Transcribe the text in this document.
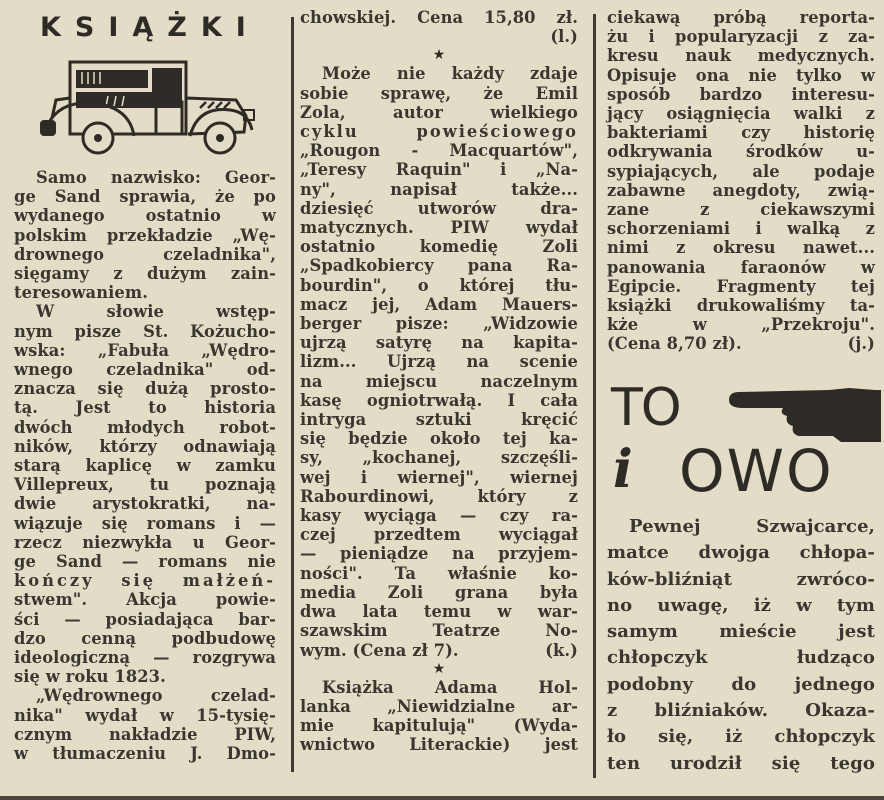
KSIĄŻKI

Samo nazwisko: Geor-
ge Sand sprawia, że po
wydanego ostatnio w
polskim przekładzie „Wę-
drownego czeladnika",
sięgamy z dużym zain-
teresowaniem.

W słowie wstęp-
nym pisze St. Kożucho-
wska: „Fabuła „Wędro-
wnego czeladnika" od-
znacza się dużą prosto-
tą. Jest to historia
dwóch młodych robot-
ników, którzy odnawiają
starą kaplicę w zamku
Villepreux, tu poznają
dwie arystokratki, na-
wiązuje się romans i —
rzecz niezwykła u Geor-
ge Sand — romans nie
kończy się małżeń-
stwem". Akcja powie-
ści — posiadająca bar-
dzo cenną podbudowę
ideologiczną — rozgrywa
się w roku 1823.

„Wędrownego czelad-
nika" wydał w 15-tysię-
cznym nakładzie PIW,
w tłumaczeniu J. Dmo-

chowskiej. Cena 15,80 zł.
(l.)

★

Może nie każdy zdaje
sobie sprawę, że Emil
Zola, autor wielkiego
cyklu powieściowego
„Rougon - Macquartów",
„Teresy Raquin" i „Na-
ny", napisał także...
dziesięć utworów dra-
matycznych. PIW wydał
ostatnio komedię Zoli
„Spadkobiercy pana Ra-
bourdin", o której tłu-
macz jej, Adam Mauers-
berger pisze: „Widzowie
ujrzą satyrę na kapita-
lizm... Ujrzą na scenie
na miejscu naczelnym
kasę ogniotrwałą. I cała
intryga sztuki kręcić
się będzie około tej ka-
sy, „kochanej, szczęśli-
wej i wiernej", wiernej
Rabourdinowi, który z
kasy wyciąga — czy ra-
czej przedtem wyciągał
— pieniądze na przyjem-
ności". Ta właśnie ko-
media Zoli grana była
dwa lata temu w war-
szawskim Teatrze No-
wym. (Cena zł 7).	(k.)

★

Książka Adama Hol-
lanka „Niewidzialne ar-
mie kapitulują" (Wyda-
wnictwo Literackie) jest

ciekawą próbą reporta-
żu i popularyzacji z za-
kresu nauk medycznych.
Opisuje ona nie tylko w
sposób bardzo interesu-
jący osiągnięcia walki z
bakteriami czy historię
odkrywania środków u-
sypiających, ale podaje
zabawne anegdoty, zwią-
zane z ciekawszymi
schorzeniami i walką z
nimi z okresu nawet...
panowania faraonów w
Egipcie. Fragmenty tej
książki drukowaliśmy ta-
kże w „Przekroju".
(Cena 8,70 zł).	(j.)

TO
i OWO

Pewnej Szwajcarce,
matce dwojga chłopa-
ków-bliźniąt zwróco-
no uwagę, iż w tym
samym mieście jest
chłopczyk łudząco
podobny do jednego
z bliźniaków. Okaza-
ło się, iż chłopczyk
ten urodził się tego
